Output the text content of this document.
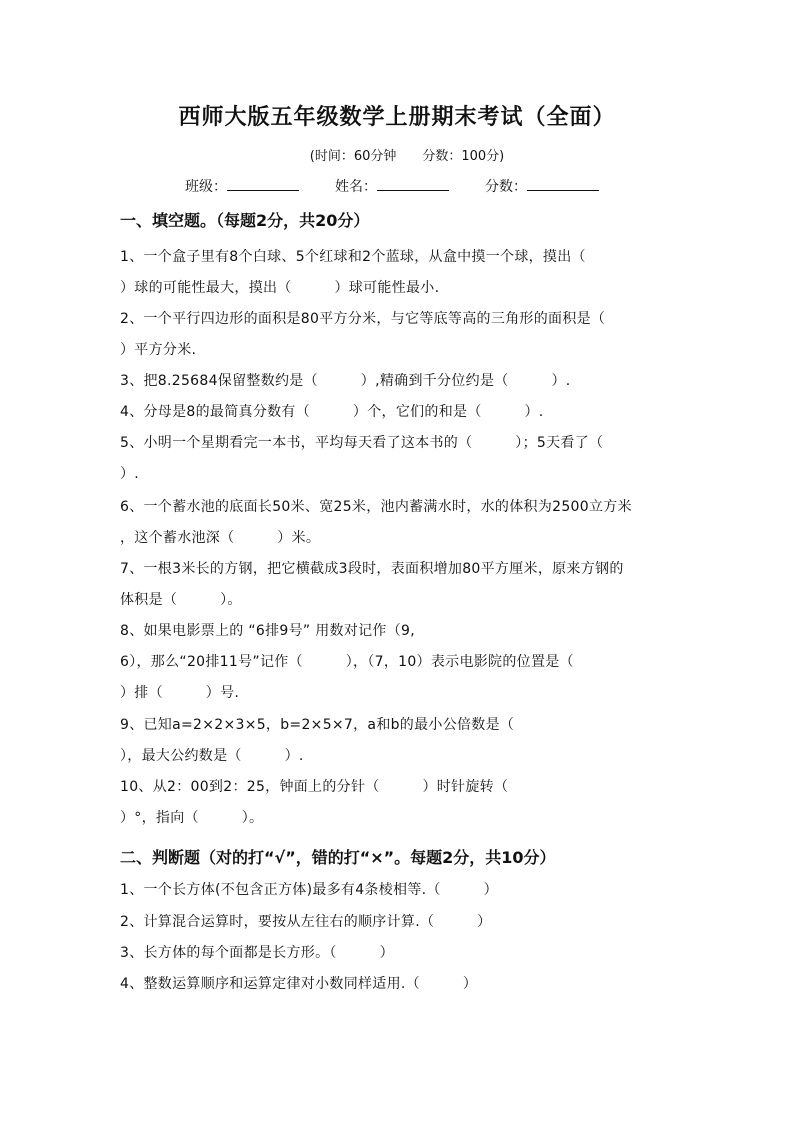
西师大版五年级数学上册期末考试（全面）
(时间：60分钟　　分数：100分)
班级：	姓名：	分数：
一、填空题。（每题2分，共20分）
1、一个盒子里有8个白球、5个红球和2个蓝球，从盒中摸一个球，摸出（
）球的可能性最大，摸出（　　　）球可能性最小.
2、一个平行四边形的面积是80平方分米，与它等底等高的三角形的面积是（
）平方分米.
3、把8.25684保留整数约是（　　　）,精确到千分位约是（　　　）.
4、分母是8的最简真分数有（　　　）个，它们的和是（　　　）.
5、小明一个星期看完一本书，平均每天看了这本书的（　　　）；5天看了（
）.
6、一个蓄水池的底面长50米、宽25米，池内蓄满水时，水的体积为2500立方米
，这个蓄水池深（　　　）米。
7、一根3米长的方钢，把它横截成3段时，表面积增加80平方厘米，原来方钢的
体积是（　　　）。
8、如果电影票上的 “6排9号” 用数对记作（9,
6），那么“20排11号”记作（　　　），（7，10）表示电影院的位置是（
）排（　　　）号.
9、已知a=2×2×3×5，b=2×5×7，a和b的最小公倍数是（
），最大公约数是（　　　）.
10、从2：00到2：25，钟面上的分针（　　　）时针旋转（
）°，指向（　　　）。
二、判断题（对的打“√”，错的打“×”。每题2分，共10分）
1、一个长方体(不包含正方体)最多有4条棱相等.（　　　）
2、计算混合运算时，要按从左往右的顺序计算.（　　　）
3、长方体的每个面都是长方形。（　　　）
4、整数运算顺序和运算定律对小数同样适用.（　　　）
